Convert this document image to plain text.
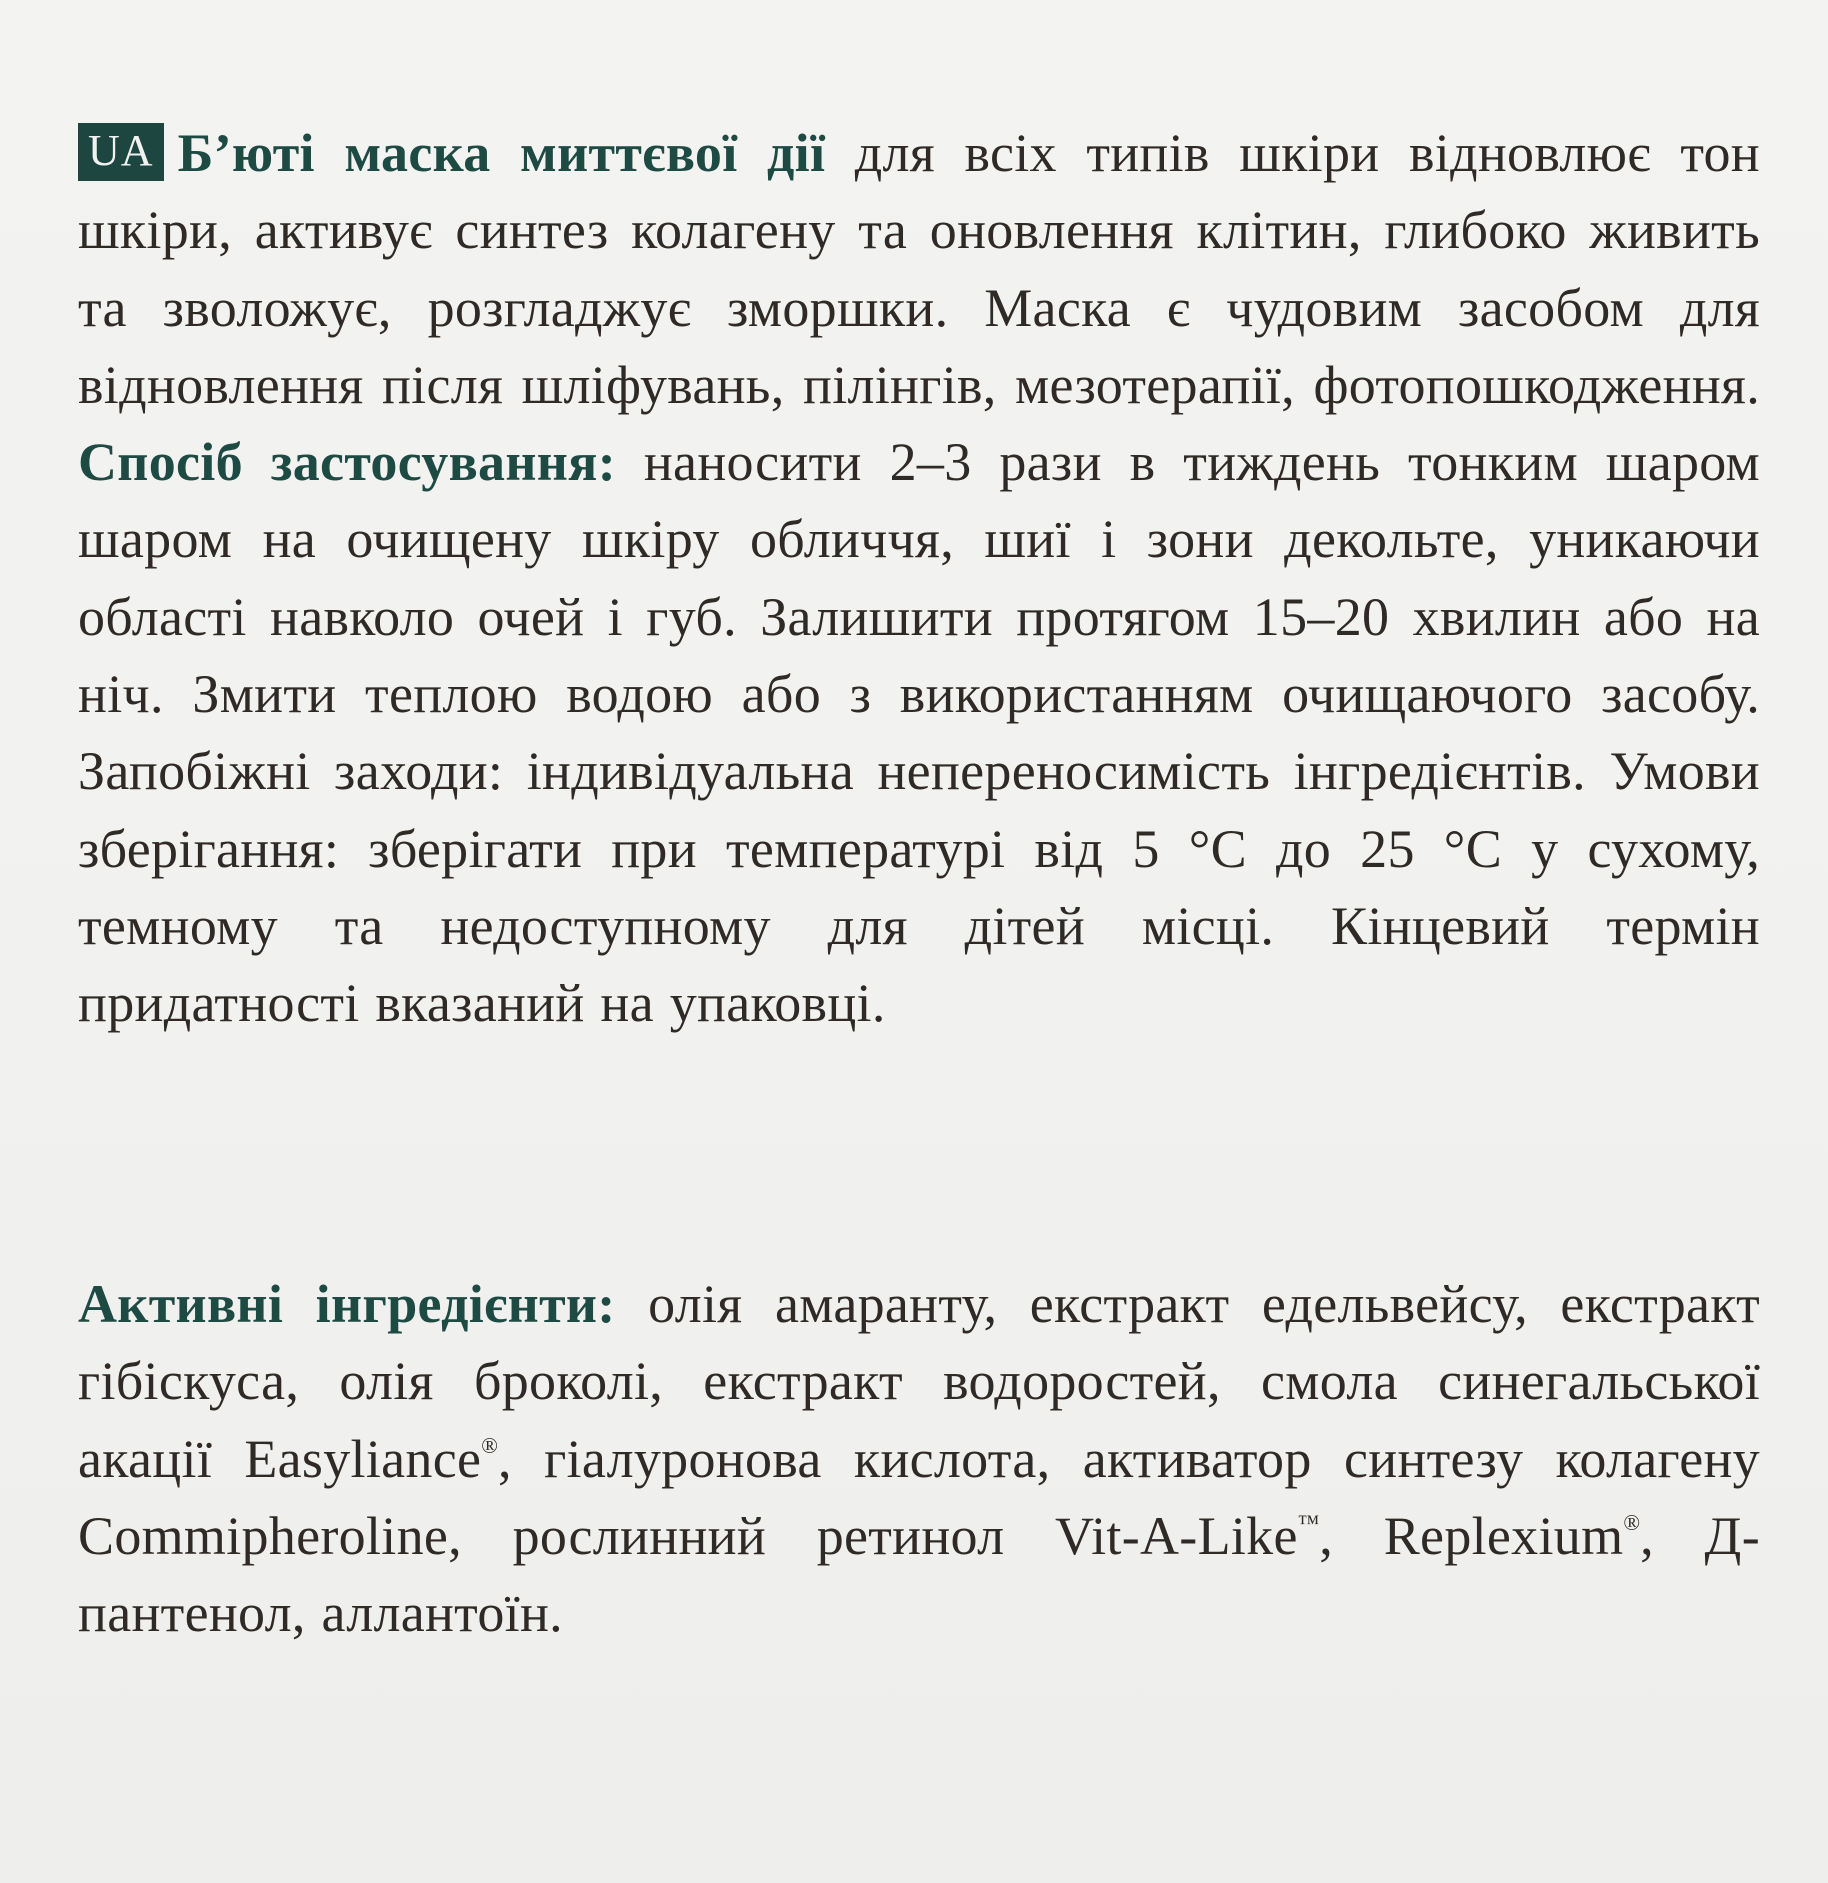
UA Б’юті маска миттєвої дії для всіх типів шкіри відновлює тон шкіри, активує синтез колагену та оновлення клітин, глибоко живить та зволожує, розгладжує зморшки. Маска є чудовим засобом для відновлення після шліфувань, пілінгів, мезотерапії, фотопошкодження. Спосіб застосування: наносити 2–3 рази в тиждень тонким шаром шаром на очищену шкіру обличчя, шиї і зони декольте, уникаючи області навколо очей і губ. Залишити протягом 15–20 хвилин або на ніч. Змити теплою водою або з використанням очищаючого засобу. Запобіжні заходи: індивідуальна непереносимість інгредієнтів. Умови зберігання: зберігати при температурі від 5 °C до 25 °C у сухому, темному та недоступному для дітей місці. Кінцевий термін придатності вказаний на упаковці.
Активні інгредієнти: олія амаранту, екстракт едельвейсу, екстракт гібіскуса, олія броколі, екстракт водоростей, смола синегальської акації Easyliance®, гіалуронова кислота, активатор синтезу колагену Commipheroline, рослинний ретинол Vit-A-Like™, Replexium®, Д-пантенол, аллантоїн.
